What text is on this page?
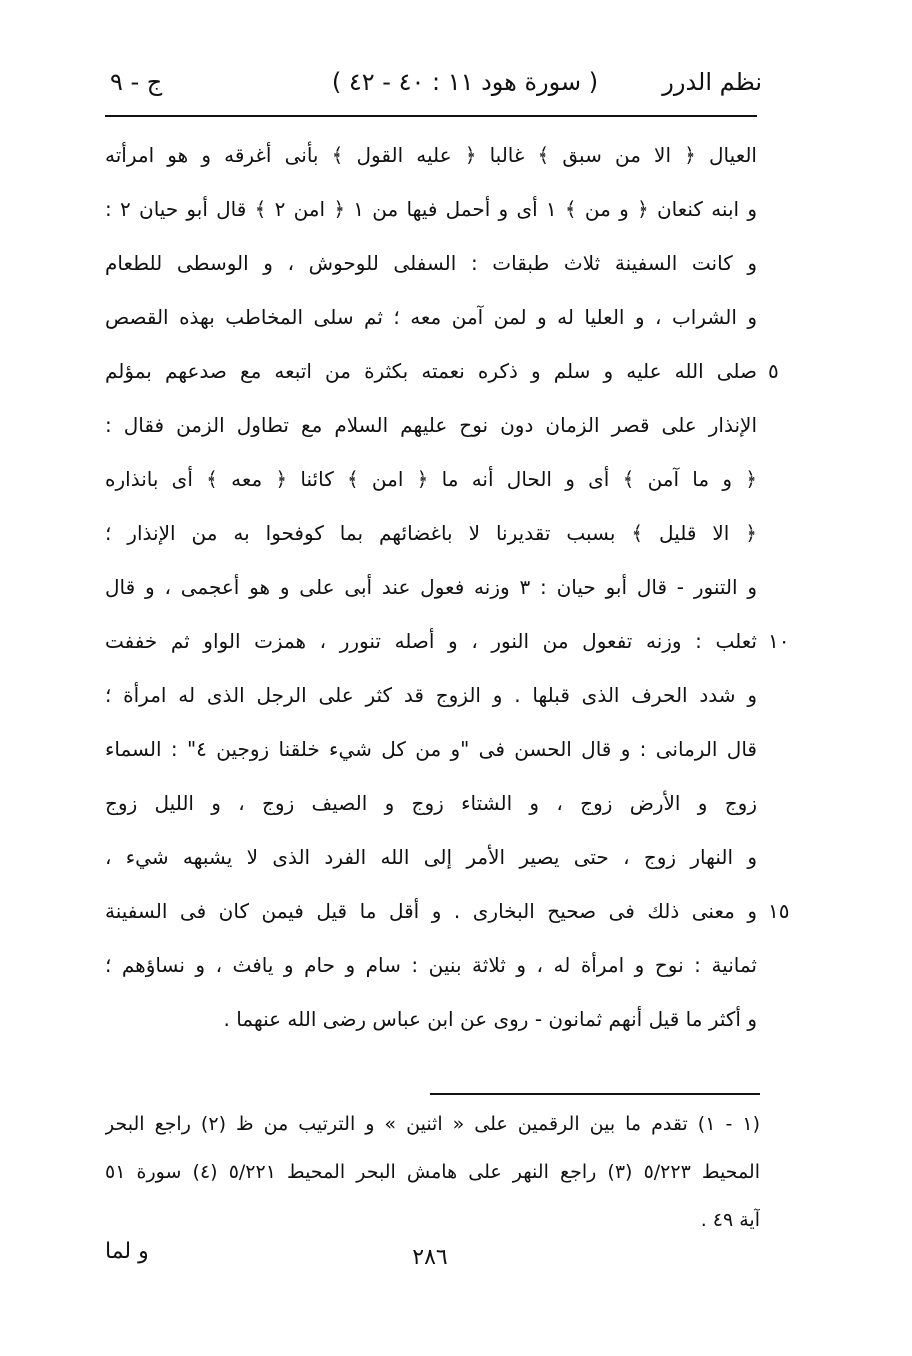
نظم الدرر
( سورة هود ١١ : ٤٠ - ٤٢ )
ج - ٩
العيال ﴿ الا من سبق ﴾ غالبا ﴿ عليه القول ﴾ بأنى أغرقه و هو امرأته
و ابنه كنعان ﴿ و من ﴾ ١ أى و أحمل فيها من ١ ﴿ امن ٢ ﴾ قال أبو حيان ٢ :
و كانت السفينة ثلاث طبقات : السفلى للوحوش ، و الوسطى للطعام
و الشراب ، و العليا له و لمن آمن معه ؛ ثم سلى المخاطب بهذه القصص
صلى الله عليه و سلم و ذكره نعمته بكثرة من اتبعه مع صدعهم بمؤلم
الإنذار على قصر الزمان دون نوح عليهم السلام مع تطاول الزمن فقال :
﴿ و ما آمن ﴾ أى و الحال أنه ما ﴿ امن ﴾ كائنا ﴿ معه ﴾ أى بانذاره
﴿ الا قليل ﴾ بسبب تقديرنا لا باغضائهم بما كوفحوا به من الإنذار ؛
و التنور - قال أبو حيان : ٣ وزنه فعول عند أبى على و هو أعجمى ، و قال
ثعلب : وزنه تفعول من النور ، و أصله تنورر ، همزت الواو ثم خففت
و شدد الحرف الذى قبلها . و الزوج قد كثر على الرجل الذى له امرأة ؛
قال الرمانى : و قال الحسن فى "و من كل شيء خلقنا زوجين ٤" : السماء
زوج و الأرض زوج ، و الشتاء زوج و الصيف زوج ، و الليل زوج
و النهار زوج ، حتى يصير الأمر إلى الله الفرد الذى لا يشبهه شيء ،
و معنى ذلك فى صحيح البخارى . و أقل ما قيل فيمن كان فى السفينة
ثمانية : نوح و امرأة له ، و ثلاثة بنين : سام و حام و يافث ، و نساؤهم ؛
و أكثر ما قيل أنهم ثمانون - روى عن ابن عباس رضى الله عنهما .
٥
١٠
١٥
(١ - ١) تقدم ما بين الرقمين على « اثنين » و الترتيب من ظ (٢) راجع البحر
المحيط ٥/٢٢٣ (٣) راجع النهر على هامش البحر المحيط ٥/٢٢١ (٤) سورة ٥١
آية ٤٩ .
٢٨٦
و لما
